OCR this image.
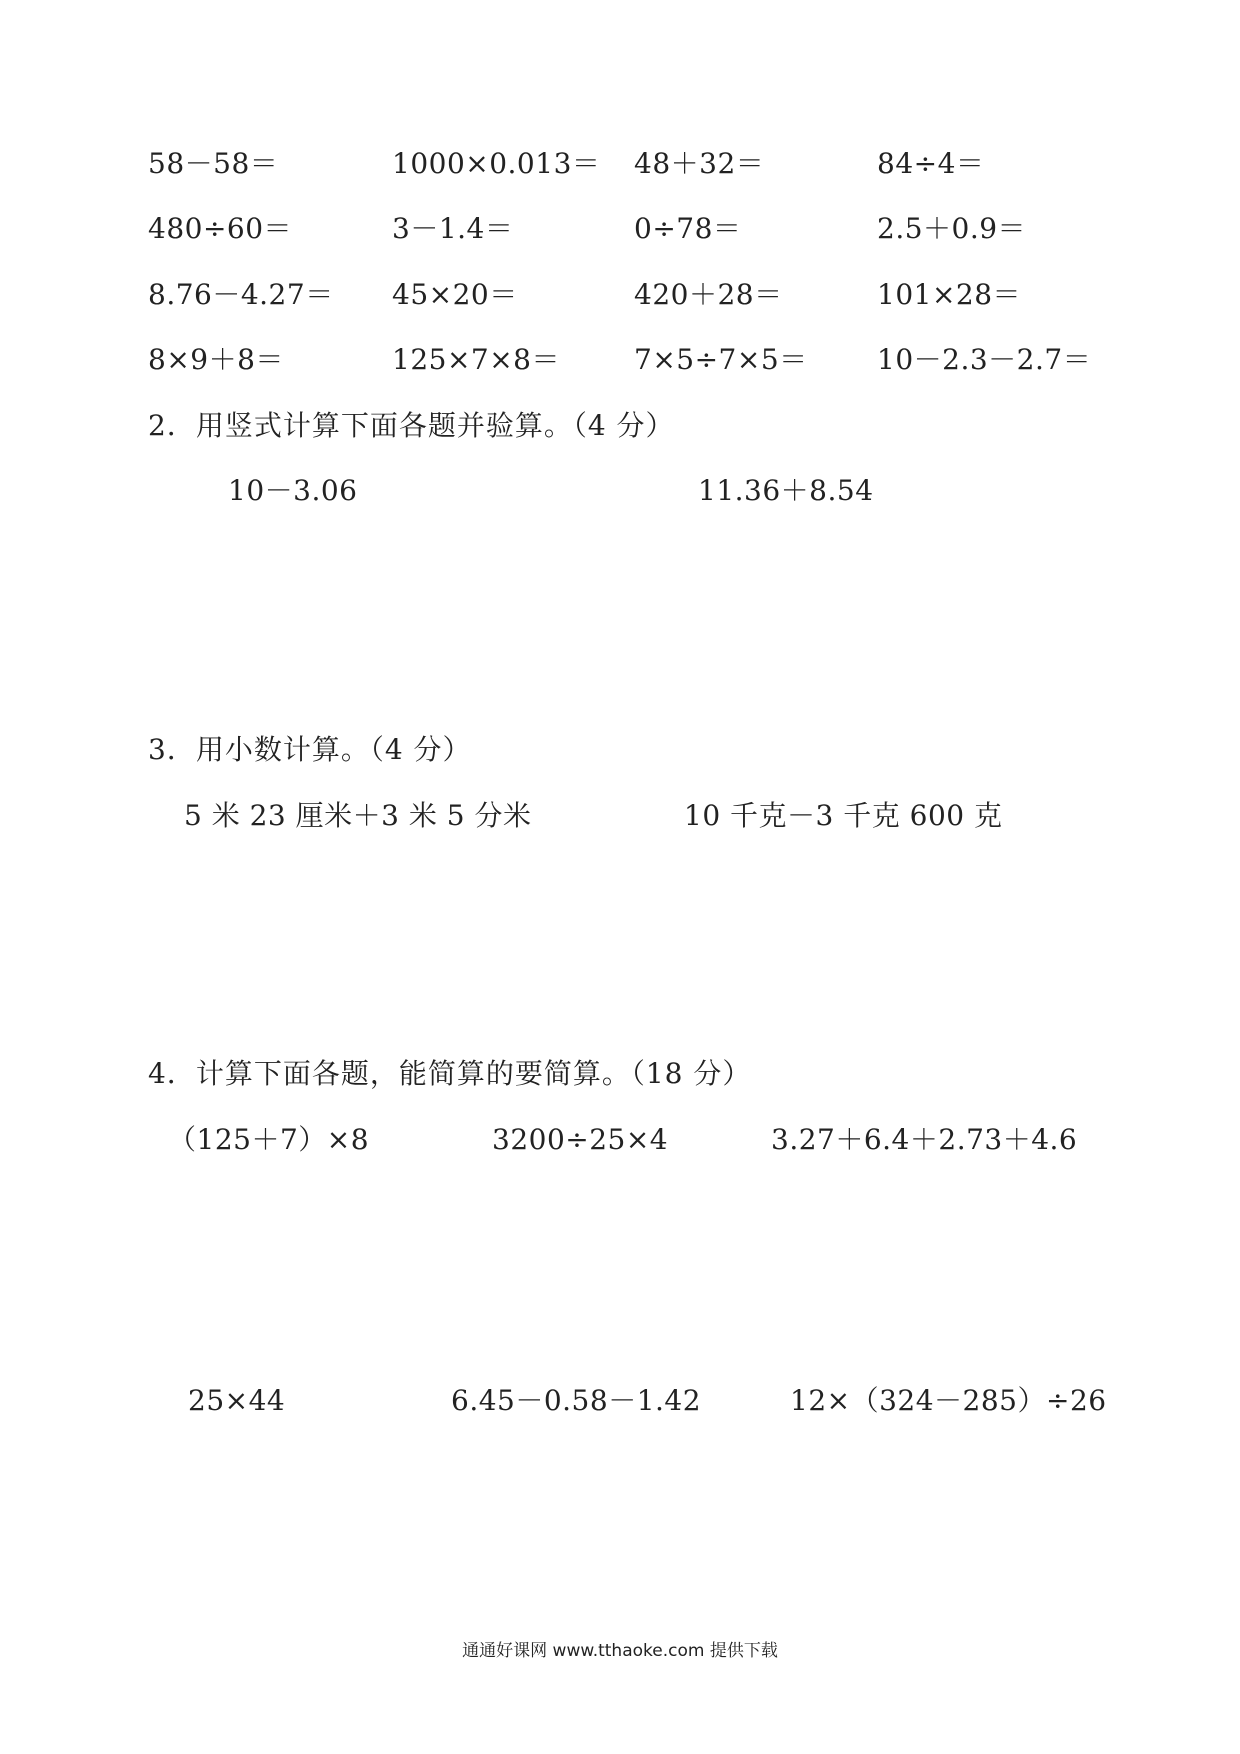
58－58＝	1000×0.013＝ 48＋32＝	84÷4＝
480÷60＝	3－1.4＝	0÷78＝	2.5＋0.9＝
8.76－4.27＝ 45×20＝	420＋28＝	101×28＝
8×9＋8＝	125×7×8＝	7×5÷7×5＝ 10－2.3－2.7＝
2．用竖式计算下面各题并验算。（4 分）
10－3.06	11.36＋8.54
3．用小数计算。（4 分）
5 米 23 厘米＋3 米 5 分米	10 千克－3 千克 600 克
4．计算下面各题，能简算的要简算。（18 分）
（125＋7）×8	3200÷25×4	3.27＋6.4＋2.73＋4.6
25×44	6.45－0.58－1.42	12×（324－285）÷26
通通好课网 www.tthaoke.com 提供下载
